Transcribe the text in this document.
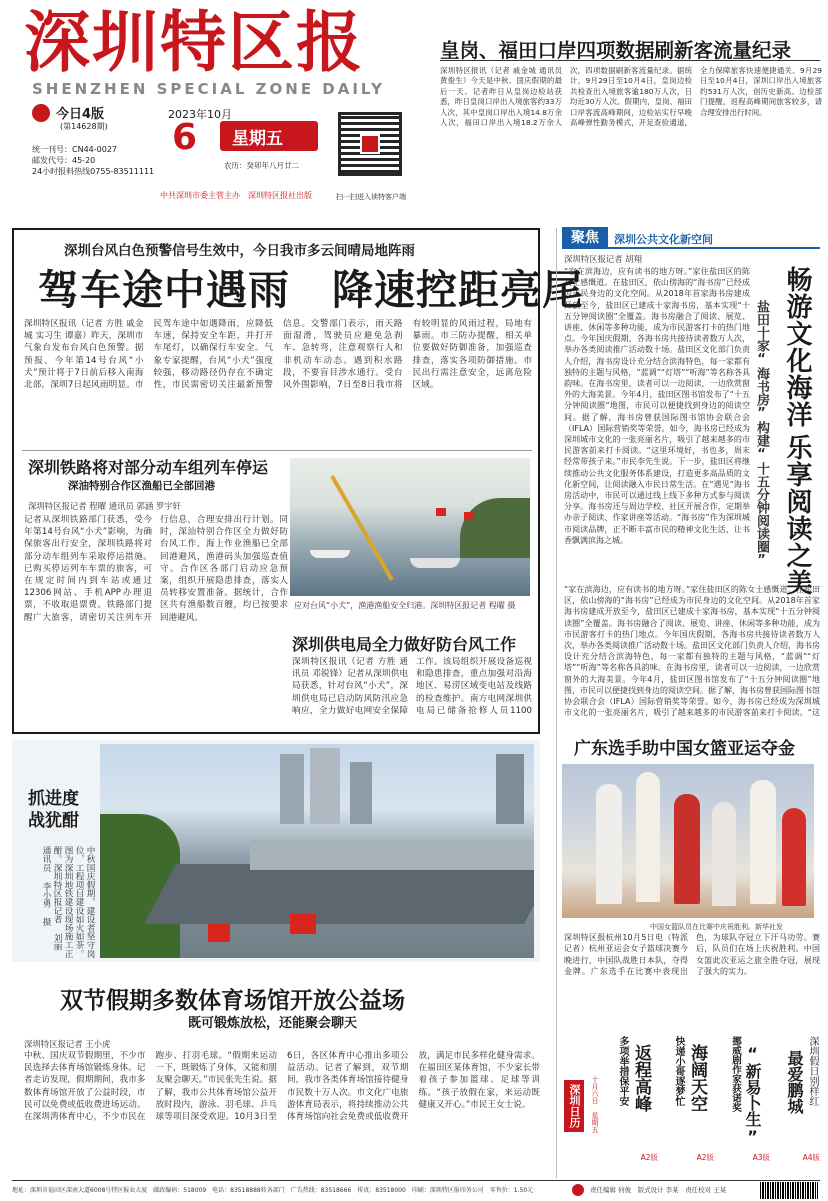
深圳特区报
SHENZHEN SPECIAL ZONE DAILY
今日4版
(第14628期)
统一刊号：CN44-0027
邮发代号：45-20
24小时报料热线0755-83511111
2023年10月
6 星期五
农历：癸卯年八月廿二
中共深圳市委主管主办　深圳特区报社出版	扫一扫进入读特客户端
皇岗、福田口岸四项数据刷新客流量纪录
深圳特区报讯（记者 戚金城 通讯员 黄俊生）今天是中秋、国庆假期的最后一天。记者昨日从皇岗边检站获悉，昨日皇岗口岸出入境旅客约33万人次，其中皇岗口岸出入境14.8万余人次，福田口岸出入境18.2万余人次，四项数据刷新客流量纪录。据统计，9月29日至10月4日，皇岗边检共检查出入境旅客逾180万人次，日均近30万人次。假期内，皇岗、福田口岸客流高峰期间，边检站实行早晚高峰弹性勤务模式，开足查验通道，全力保障旅客快速便捷通关。9月29日至10月4日，深圳口岸出入境旅客约531万人次，创历史新高。边检部门提醒，返程高峰期间旅客较多，请合理安排出行时间。
深圳台风白色预警信号生效中，今日我市多云间晴局地阵雨
驾车途中遇雨　降速控距亮尾
深圳特区报讯（记者 方胜 戚金城 实习生 谭嘉）昨天，深圳市气象台发布台风白色预警。据预报，今年第14号台风“小犬”预计将于7日前后移入南海北部，深圳7日起风雨明显。市民驾车途中如遇降雨，应降低车速，保持安全车距，并打开车尾灯，以确保行车安全。气象专家提醒，台风“小犬”强度较强，移动路径仍存在不确定性，市民需密切关注最新预警信息。交警部门表示，雨天路面湿滑，驾驶员应避免急刹车、急转弯，注意观察行人和非机动车动态。遇到积水路段，不要盲目涉水通行。受台风外围影响，7日至8日我市将有较明显的风雨过程，局地有暴雨。市三防办提醒，相关单位要做好防御准备，加强巡查排查，落实各项防御措施。市民出行需注意安全，远离危险区域。
深圳铁路将对部分动车组列车停运
深油特别合作区渔船已全部回港
深圳特区报记者 程曜 通讯员 郭涵 罗宇轩
记者从深圳铁路部门获悉，受今年第14号台风“小犬”影响，为确保旅客出行安全，深圳铁路将对部分动车组列车采取停运措施。已购买停运列车车票的旅客，可在规定时间内到车站或通过12306网站、手机APP办理退票，不收取退票费。铁路部门提醒广大旅客，请密切关注列车开行信息，合理安排出行计划。同时，深汕特别合作区全力做好防台风工作，海上作业渔船已全部回港避风，渔港码头加强巡查值守。合作区各部门启动应急预案，组织开展隐患排查，落实人员转移安置准备。据统计，合作区共有渔船数百艘，均已按要求回港避风。
应对台风“小犬”，渔港渔船安全归港。深圳特区报记者 程曜 摄
深圳供电局全力做好防台风工作
深圳特区报讯（记者 方胜 通讯员 邓锐锋）记者从深圳供电局获悉，针对台风“小犬”，深圳供电局已启动防风防汛应急响应，全力做好电网安全保障工作。该局组织开展设备巡视和隐患排查，重点加强对沿海地区、易涝区域变电站及线路的检查维护。南方电网深圳供电局已储备抢修人员1100
聚焦	深圳公共文化新空间
深圳特区报记者 胡翔
“家在滨海边，应有读书的地方呀。”家住盐田区的陈女士感慨道。在盐田区，依山傍海的“海书房”已经成为市民身边的文化空间。从2018年首家海书房建成开放至今，盐田区已建成十家海书房，基本实现“十五分钟阅读圈”全覆盖。海书房融合了阅读、展览、讲座、休闲等多种功能，成为市民游客打卡的热门地点。今年国庆假期，各海书房共接待读者数万人次，举办各类阅读推广活动数十场。盐田区文化部门负责人介绍，海书房设计充分结合滨海特色，每一家都有独特的主题与风格，“蓝调”“灯塔”“听海”等名称各具韵味。在海书房里，读者可以一边阅读，一边欣赏窗外的大海美景。今年4月，盐田区图书馆发布了“十五分钟阅读圈”地图，市民可以便捷找到身边的阅读空间。据了解，海书房曾获国际图书馆协会联合会（IFLA）国际营销奖等荣誉。如今，海书房已经成为深圳城市文化的一张亮丽名片，吸引了越来越多的市民游客前来打卡阅读。“这里环境好，书也多，周末经常带孩子来。”市民李先生说。下一步，盐田区将继续推动公共文化服务体系建设，打造更多高品质的文化新空间，让阅读融入市民日常生活。在“遇见”海书房活动中，市民可以通过线上线下多种方式参与阅读分享。海书房还与周边学校、社区开展合作，定期举办亲子阅读、作家讲座等活动。“海书房”作为深圳城市阅读品牌，正不断丰富市民的精神文化生活，让书香飘满滨海之城。
畅游文化海洋
盐田十家“海书房”构建“十五分钟阅读圈” 乐享阅读之美
“家在滨海边，应有读书的地方呀。”家住盐田区的陈女士感慨道。在盐田区，依山傍海的“海书房”已经成为市民身边的文化空间。从2018年首家海书房建成开放至今，盐田区已建成十家海书房，基本实现“十五分钟阅读圈”全覆盖。海书房融合了阅读、展览、讲座、休闲等多种功能，成为市民游客打卡的热门地点。今年国庆假期，各海书房共接待读者数万人次，举办各类阅读推广活动数十场。盐田区文化部门负责人介绍，海书房设计充分结合滨海特色，每一家都有独特的主题与风格，“蓝调”“灯塔”“听海”等名称各具韵味。在海书房里，读者可以一边阅读，一边欣赏窗外的大海美景。今年4月，盐田区图书馆发布了“十五分钟阅读圈”地图，市民可以便捷找到身边的阅读空间。据了解，海书房曾获国际图书馆协会联合会（IFLA）国际营销奖等荣誉。如今，海书房已经成为深圳城市文化的一张亮丽名片，吸引了越来越多的市民游客前来打卡阅读。“这
广东选手助中国女篮亚运夺金
中国女篮队员在比赛中庆祝胜利。新华社发
深圳特区报杭州10月5日电（特派记者）杭州亚运会女子篮球决赛今晚进行，中国队战胜日本队，夺得金牌。广东选手在比赛中表现出色，为球队夺冠立下汗马功劳。赛后，队员们在场上庆祝胜利。中国女篮此次亚运之旅全胜夺冠，展现了强大的实力。
中秋国庆假期，建设者坚守岗位，工程项目建设如火如荼。图为深圳地铁建设现场施工正酣。深圳特区报记者 刘丽 通讯员 李小勇 摄
抓进度
战犹酣
双节假期多数体育场馆开放公益场
既可锻炼放松，还能聚会聊天
深圳特区报记者 王小虎
中秋、国庆双节假期里，不少市民选择去体育场馆锻炼身体。记者走访发现，假期期间，我市多数体育场馆开放了公益时段，市民可以免费或低收费进场运动。在深圳湾体育中心，不少市民在跑步、打羽毛球。“假期来运动一下，既锻炼了身体，又能和朋友聚会聊天。”市民张先生说。据了解，我市公共体育场馆公益开放时段内，游泳、羽毛球、乒乓球等项目深受欢迎。10月3日至6日，各区体育中心推出多项公益活动。记者了解到，双节期间，我市各类体育场馆接待健身市民数十万人次。市文化广电旅游体育局表示，将持续推动公共体育场馆向社会免费或低收费开放，满足市民多样化健身需求。在福田区某体育馆，不少家长带着孩子参加篮球、足球等训练。“孩子放假在家，来运动既健康又开心。”市民王女士说。	深圳日历	十月六日 星期五	深圳假日别样红
最爱鹏城
A4版
挪威剧作家获诺奖 “新易卜生”
A3版
快递小哥逐梦忙 海阔天空
A2版
多项举措保平安 返程高峰
A2版
地址：深圳市福田区深南大道6008号特区报业大厦　邮政编码：518009　电话：83518888转各部门　广告热线：83518666　传真：83518000　印刷：深圳特区报印务公司　零售价：1.50元	责任编辑 何俊　版式设计 李某　责任校对 王某
